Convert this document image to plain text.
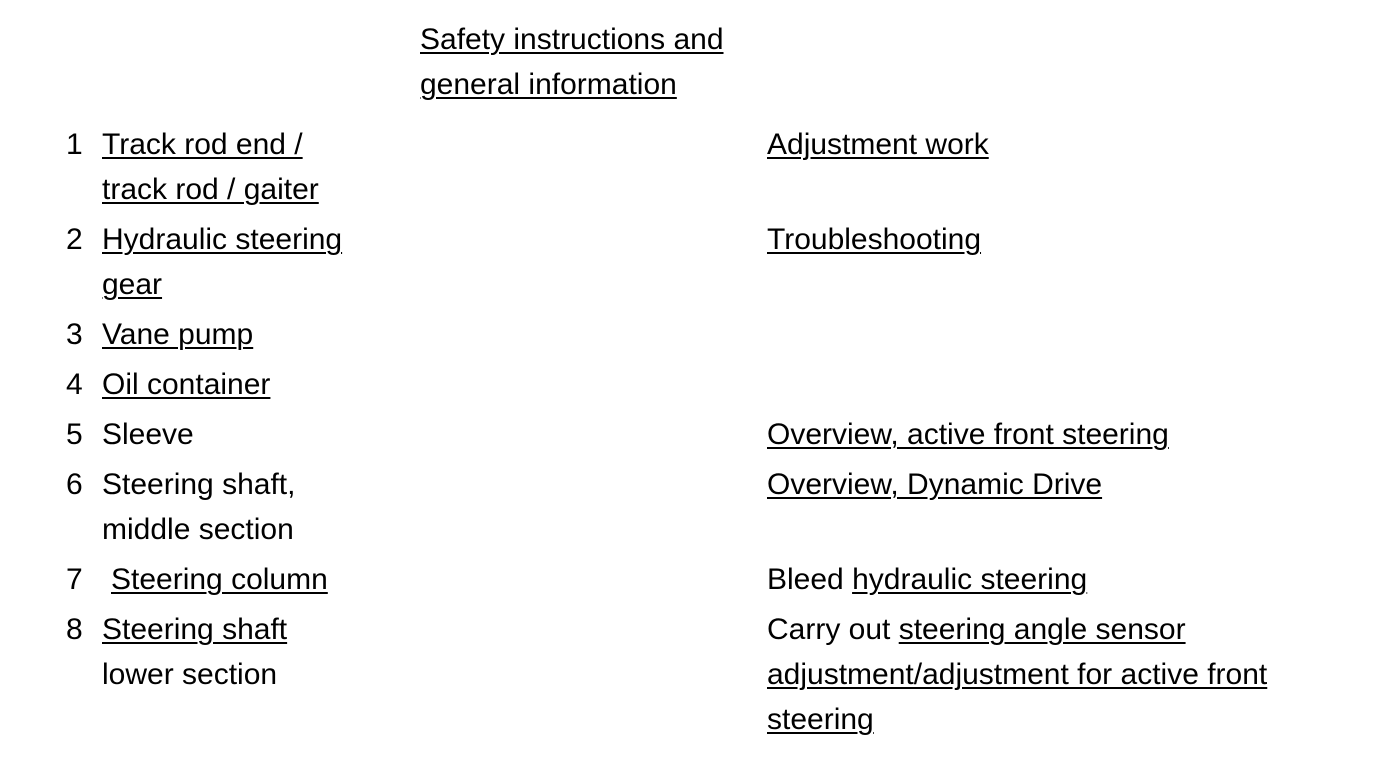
Safety instructions and
general information
1 Track rod end /
track rod / gaiter
2 Hydraulic steering
gear
3 Vane pump
4 Oil container
5 Sleeve
6 Steering shaft,
middle section
7 Steering column
8 Steering shaft
lower section
Adjustment work
Troubleshooting
Overview, active front steering
Overview, Dynamic Drive
Bleed hydraulic steering
Carry out steering angle sensor
adjustment/adjustment for active front
steering
